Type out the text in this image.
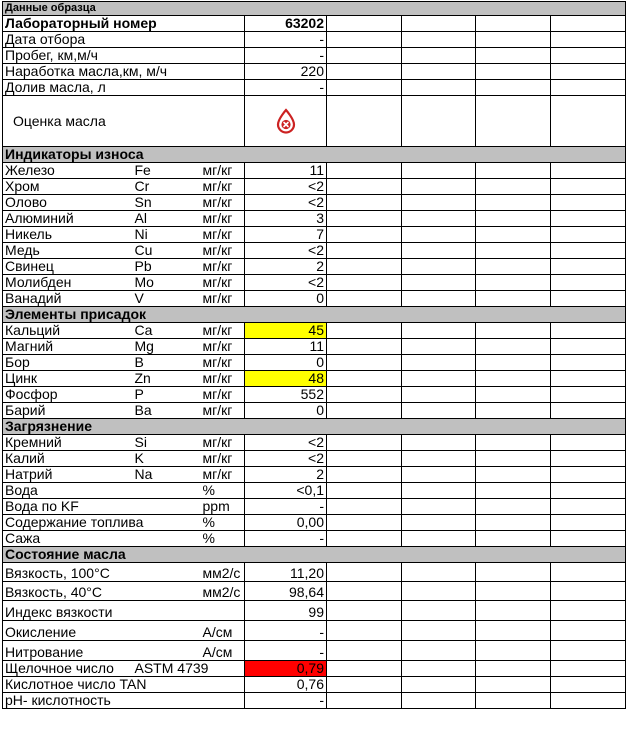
Данные образца							
Лабораторный номер			63202				
Дата отбора			-				
Пробег, км,м/ч			-				
Наработка масла,км, м/ч			220				
Долив масла, л			-				
Оценка масла					
Индикаторы износа							
Железо	Fe	мг/кг	11				
Хром	Cr	мг/кг	<2				
Олово	Sn	мг/кг	<2				
Алюминий	Al	мг/кг	3				
Никель	Ni	мг/кг	7				
Медь	Cu	мг/кг	<2				
Свинец	Pb	мг/кг	2				
Молибден	Mo	мг/кг	<2				
Ванадий	V	мг/кг	0				
Элементы присадок							
Кальций	Ca	мг/кг	45				
Магний	Mg	мг/кг	11				
Бор	B	мг/кг	0				
Цинк	Zn	мг/кг	48				
Фосфор	P	мг/кг	552				
Барий	Ba	мг/кг	0				
Загрязнение							
Кремний	Si	мг/кг	<2				
Калий	K	мг/кг	<2				
Натрий	Na	мг/кг	2				
Вода		%	<0,1				
Вода по KF		ppm	-				
Содержание топлива		%	0,00				
Сажа		%	-				
Состояние масла							
Вязкость, 100°C		мм2/с	11,20				
Вязкость, 40°C		мм2/с	98,64				
Индекс вязкости			99				
Окисление		A/см	-				
Нитрование		A/см	-				
Щелочное число	ASTM 4739		0,79				
Кислотное число TAN			0,76				
pH- кислотность			-				
